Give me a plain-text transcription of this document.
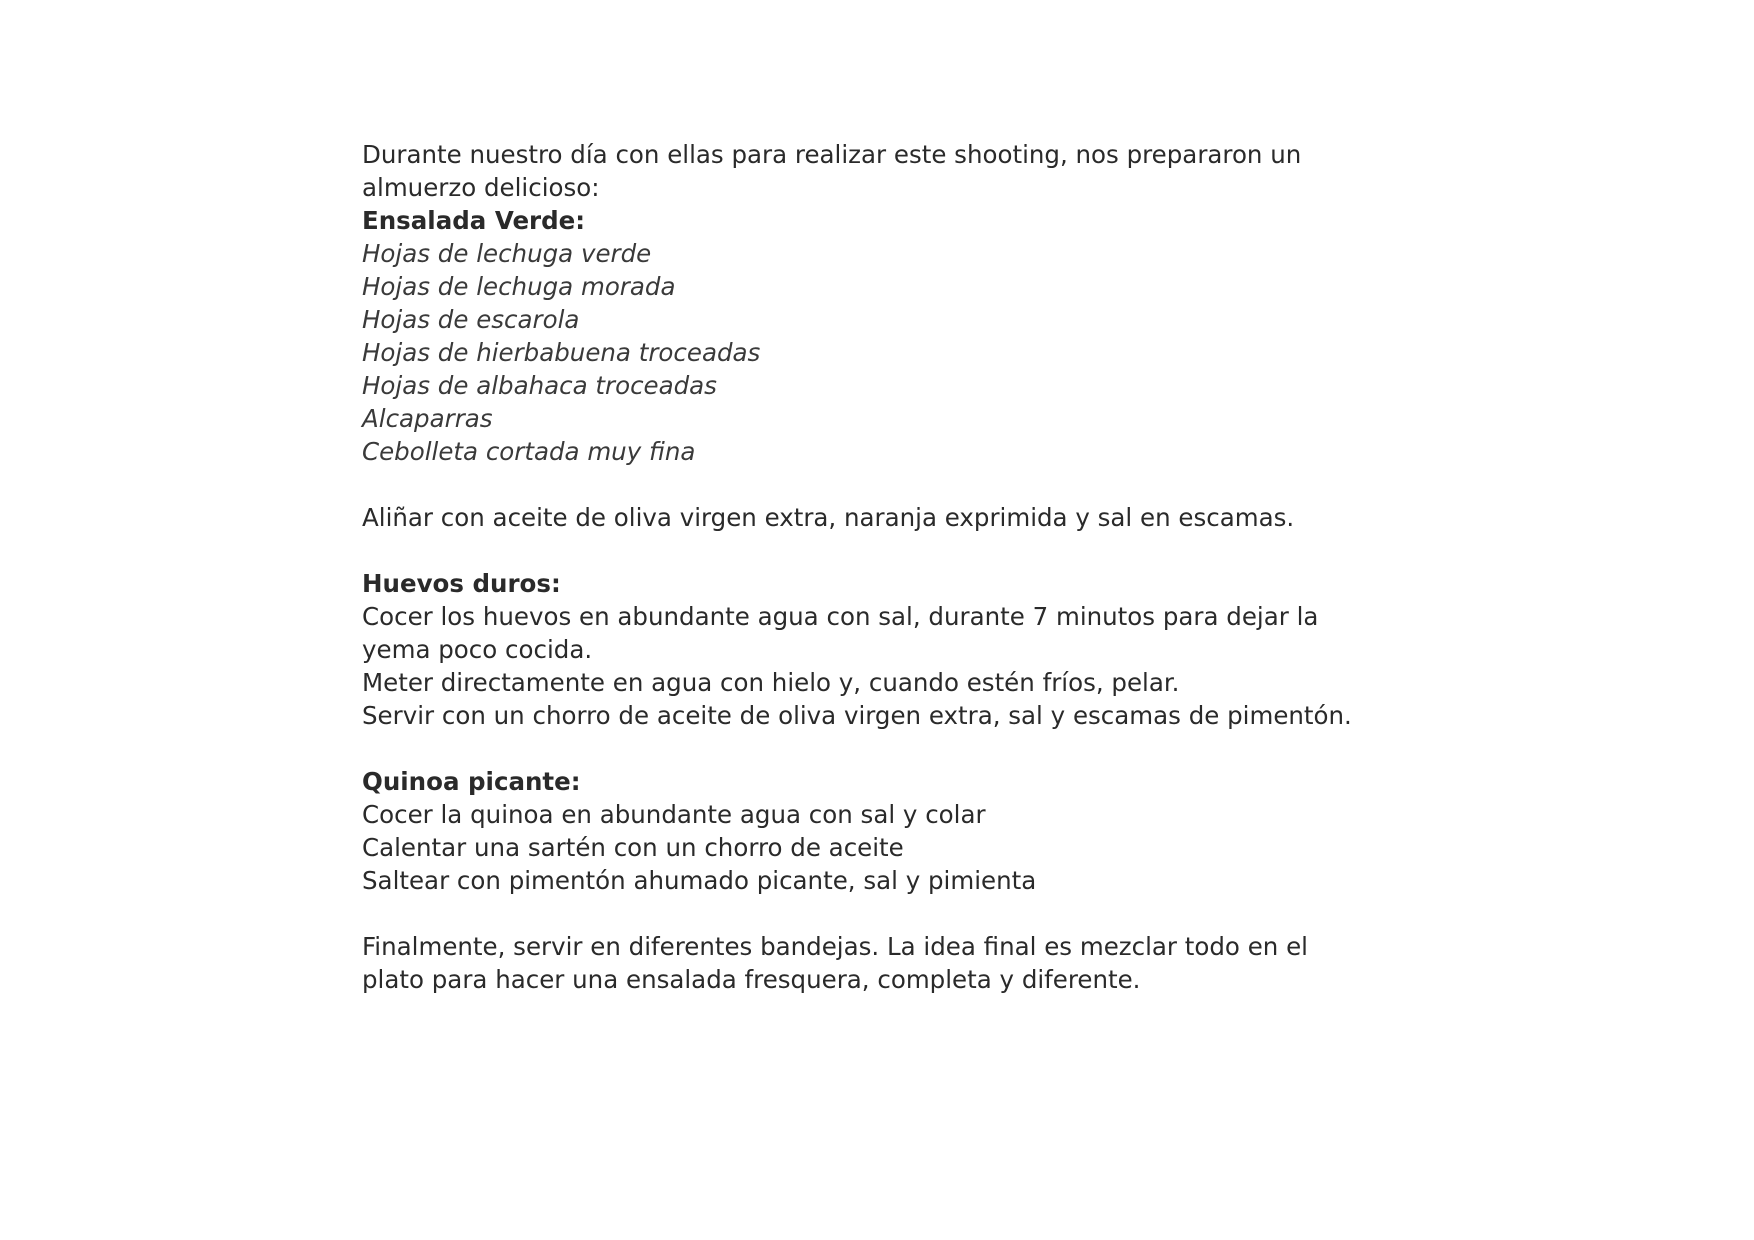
Durante nuestro día con ellas para realizar este shooting, nos prepararon un
almuerzo delicioso:

Ensalada Verde:
Hojas de lechuga verde
Hojas de lechuga morada
Hojas de escarola
Hojas de hierbabuena troceadas
Hojas de albahaca troceadas
Alcaparras
Cebolleta cortada muy fina
Aliñar con aceite de oliva virgen extra, naranja exprimida y sal en escamas.
Huevos duros:
Cocer los huevos en abundante agua con sal, durante 7 minutos para dejar la
yema poco cocida.
Meter directamente en agua con hielo y, cuando estén fríos, pelar.
Servir con un chorro de aceite de oliva virgen extra, sal y escamas de pimentón.
Quinoa picante:
Cocer la quinoa en abundante agua con sal y colar
Calentar una sartén con un chorro de aceite
Saltear con pimentón ahumado picante, sal y pimienta

Finalmente, servir en diferentes bandejas. La idea final es mezclar todo en el
plato para hacer una ensalada fresquera, completa y diferente.
